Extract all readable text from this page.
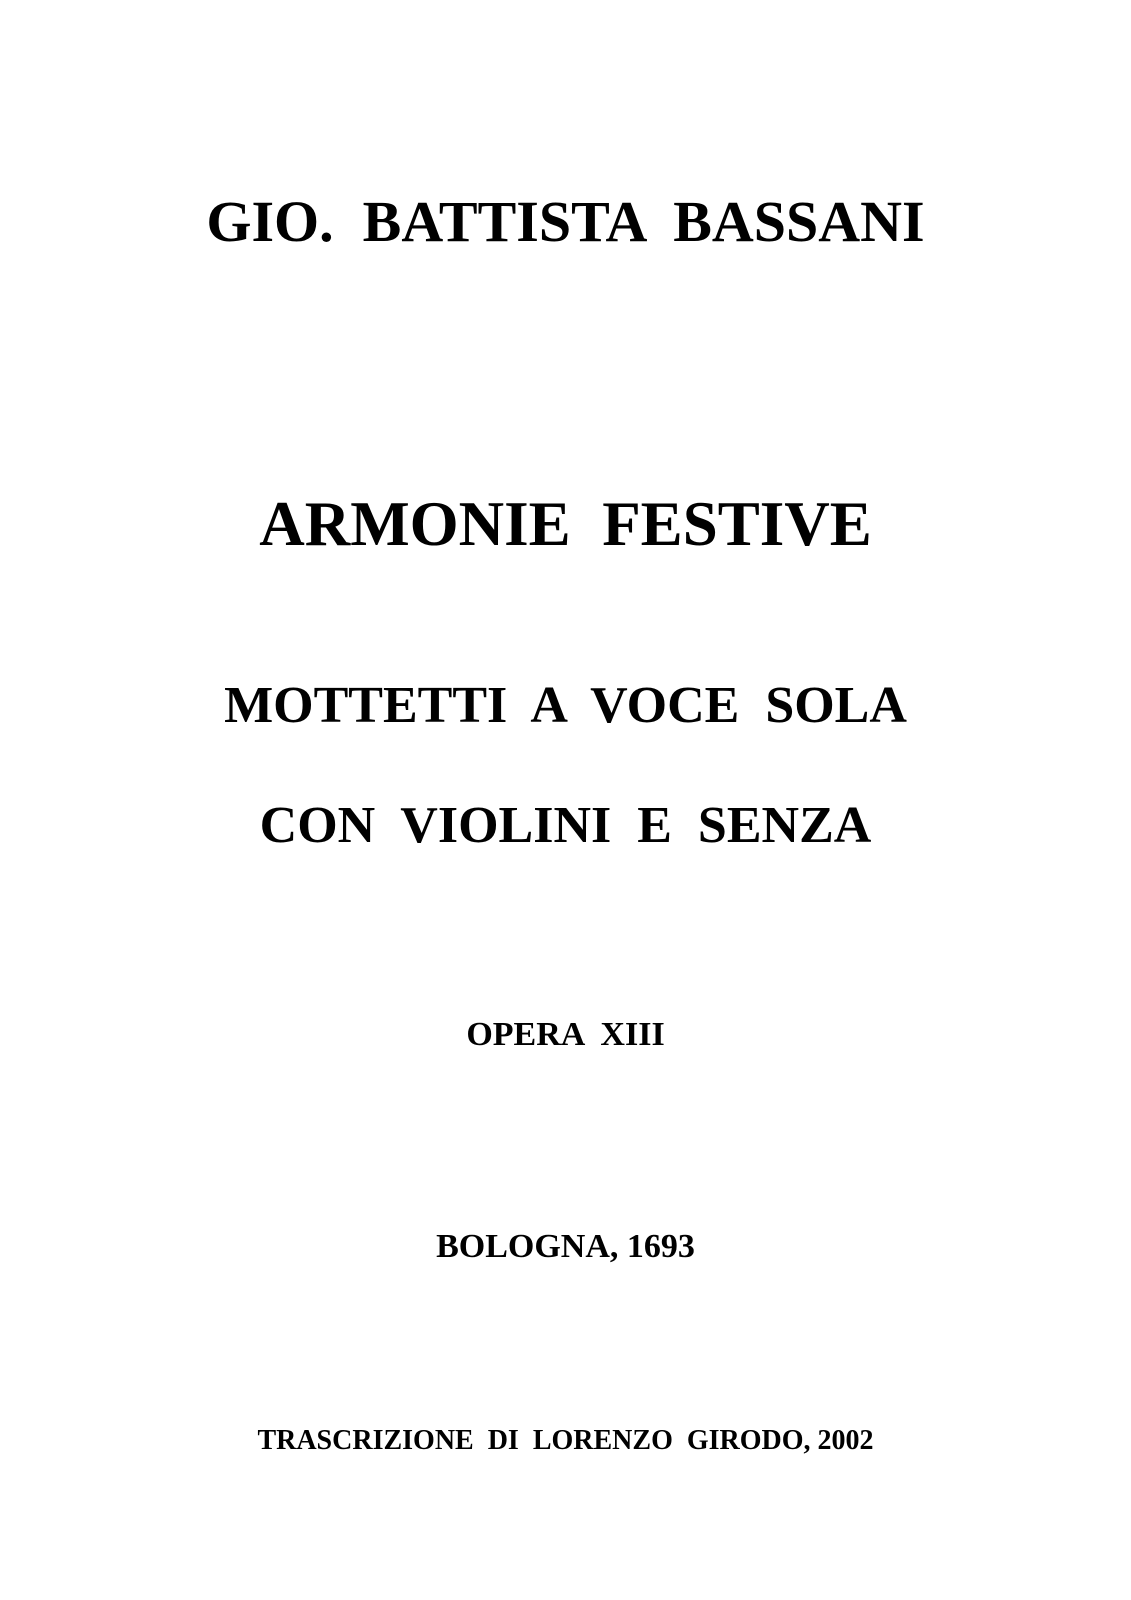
GIO.  BATTISTA  BASSANI
ARMONIE  FESTIVE
MOTTETTI  A  VOCE  SOLA
CON  VIOLINI  E  SENZA
OPERA  XIII
BOLOGNA, 1693
TRASCRIZIONE  DI  LORENZO  GIRODO, 2002
